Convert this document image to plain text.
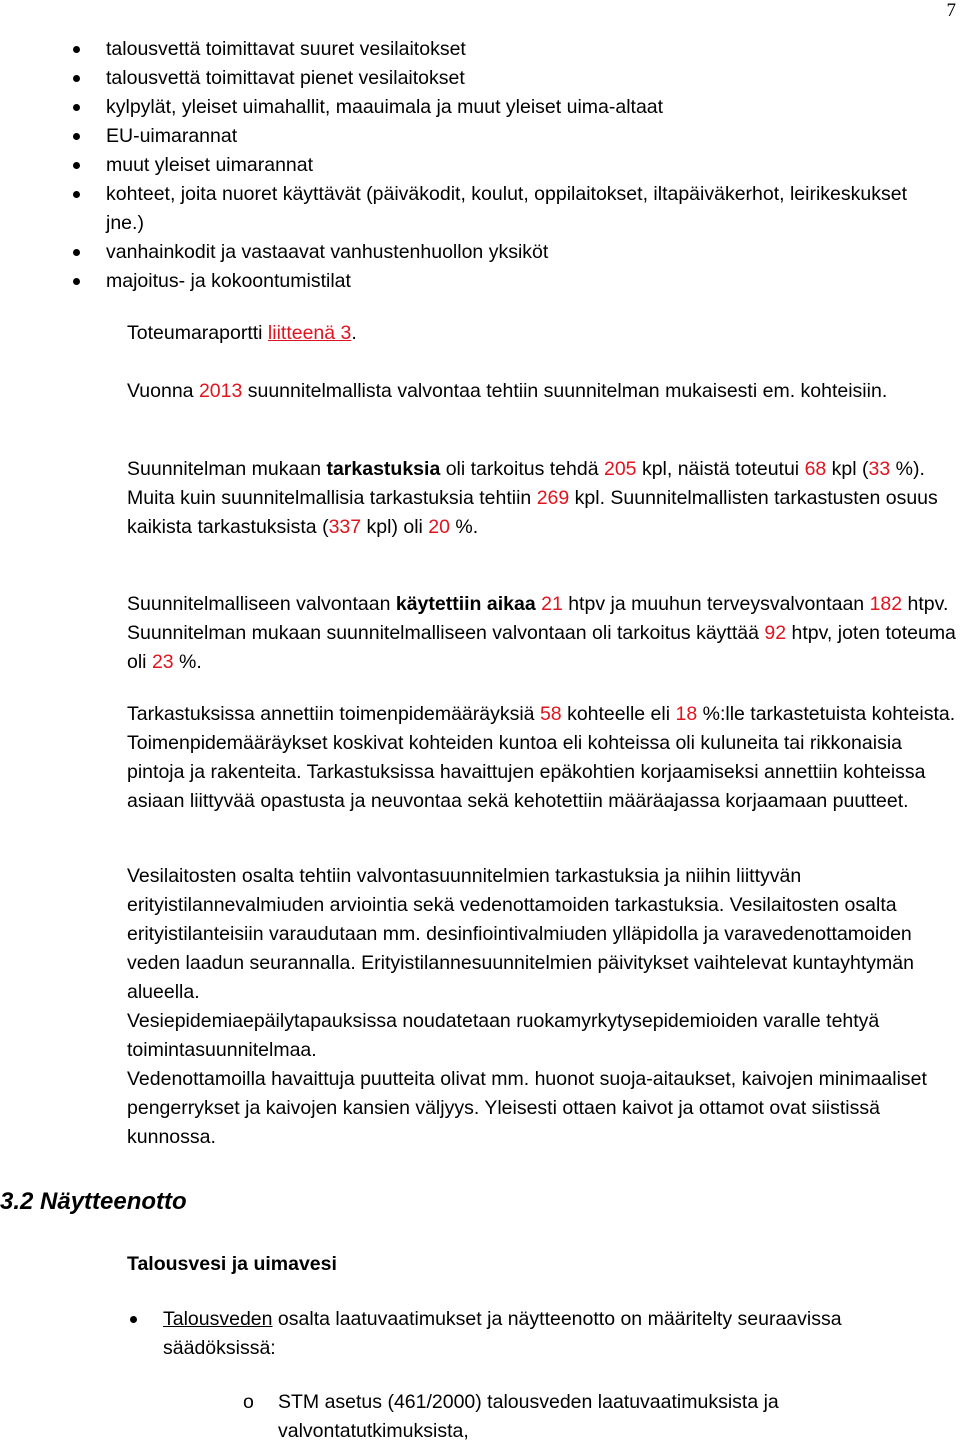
7
talousvettä toimittavat suuret vesilaitokset
talousvettä toimittavat pienet vesilaitokset
kylpylät, yleiset uimahallit, maauimala ja muut yleiset uima-altaat
EU-uimarannat
muut yleiset uimarannat
kohteet, joita nuoret käyttävät (päiväkodit, koulut, oppilaitokset, iltapäiväkerhot, leirikeskukset jne.)
vanhainkodit ja vastaavat vanhustenhuollon yksiköt
majoitus- ja kokoontumistilat

Toteumaraportti liitteenä 3.

Vuonna 2013 suunnitelmallista valvontaa tehtiin suunnitelman mukaisesti em. kohteisiin.

Suunnitelman mukaan tarkastuksia oli tarkoitus tehdä 205 kpl, näistä toteutui 68 kpl (33 %). Muita kuin suunnitelmallisia tarkastuksia tehtiin 269 kpl. Suunnitelmallisten tarkastusten osuus kaikista tarkastuksista (337 kpl) oli 20 %.

Suunnitelmalliseen valvontaan käytettiin aikaa 21 htpv ja muuhun terveysvalvontaan 182 htpv. Suunnitelman mukaan suunnitelmalliseen valvontaan oli tarkoitus käyttää 92 htpv, joten toteuma oli 23 %.

Tarkastuksissa annettiin toimenpidemääräyksiä 58 kohteelle eli 18 %:lle tarkastetuista kohteista. Toimenpidemääräykset koskivat kohteiden kuntoa eli kohteissa oli kuluneita tai rikkonaisia pintoja ja rakenteita. Tarkastuksissa havaittujen epäkohtien korjaamiseksi annettiin kohteissa asiaan liittyvää opastusta ja neuvontaa sekä kehotettiin määräajassa korjaamaan puutteet.

Vesilaitosten osalta tehtiin valvontasuunnitelmien tarkastuksia ja niihin liittyvän erityistilannevalmiuden arviointia sekä vedenottamoiden tarkastuksia. Vesilaitosten osalta erityistilanteisiin varaudutaan mm. desinfiointivalmiuden ylläpidolla ja varavedenottamoiden veden laadun seurannalla. Erityistilannesuunnitelmien päivitykset vaihtelevat kuntayhtymän alueella.

Vesiepidemiaepäilytapauksissa noudatetaan ruokamyrkytysepidemioiden varalle tehtyä toimintasuunnitelmaa.

Vedenottamoilla havaittuja puutteita olivat mm. huonot suoja-aitaukset, kaivojen minimaaliset pengerrykset ja kaivojen kansien väljyys. Yleisesti ottaen kaivot ja ottamot ovat siistissä kunnossa.

3.2 Näytteenotto
Talousvesi ja uimavesi

Talousveden osalta laatuvaatimukset ja näytteenotto on määritelty seuraavissa säädöksissä:

o	STM asetus (461/2000) talousveden laatuvaatimuksista ja valvontatutkimuksista,
